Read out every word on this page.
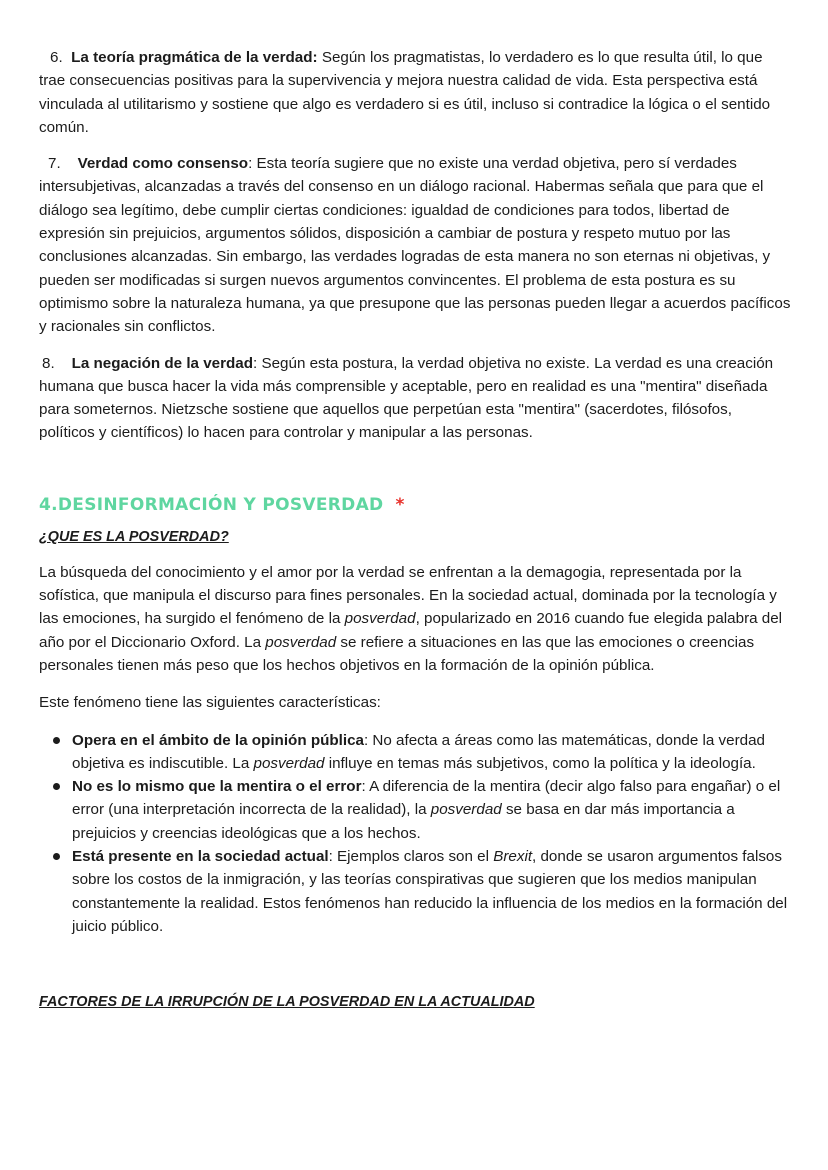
6. La teoría pragmática de la verdad: Según los pragmatistas, lo verdadero es lo que resulta útil, lo que trae consecuencias positivas para la supervivencia y mejora nuestra calidad de vida. Esta perspectiva está vinculada al utilitarismo y sostiene que algo es verdadero si es útil, incluso si contradice la lógica o el sentido común.
7. Verdad como consenso: Esta teoría sugiere que no existe una verdad objetiva, pero sí verdades intersubjetivas, alcanzadas a través del consenso en un diálogo racional. Habermas señala que para que el diálogo sea legítimo, debe cumplir ciertas condiciones: igualdad de condiciones para todos, libertad de expresión sin prejuicios, argumentos sólidos, disposición a cambiar de postura y respeto mutuo por las conclusiones alcanzadas. Sin embargo, las verdades logradas de esta manera no son eternas ni objetivas, y pueden ser modificadas si surgen nuevos argumentos convincentes. El problema de esta postura es su optimismo sobre la naturaleza humana, ya que presupone que las personas pueden llegar a acuerdos pacíficos y racionales sin conflictos.
8. La negación de la verdad: Según esta postura, la verdad objetiva no existe. La verdad es una creación humana que busca hacer la vida más comprensible y aceptable, pero en realidad es una "mentira" diseñada para someternos. Nietzsche sostiene que aquellos que perpetúan esta "mentira" (sacerdotes, filósofos, políticos y científicos) lo hacen para controlar y manipular a las personas.
4.DESINFORMACIÓN Y POSVERDAD *
¿QUE ES LA POSVERDAD?

La búsqueda del conocimiento y el amor por la verdad se enfrentan a la demagogia, representada por la sofística, que manipula el discurso para fines personales. En la sociedad actual, dominada por la tecnología y las emociones, ha surgido el fenómeno de la posverdad, popularizado en 2016 cuando fue elegida palabra del año por el Diccionario Oxford. La posverdad se refiere a situaciones en las que las emociones o creencias personales tienen más peso que los hechos objetivos en la formación de la opinión pública.

Este fenómeno tiene las siguientes características:

Opera en el ámbito de la opinión pública: No afecta a áreas como las matemáticas, donde la verdad objetiva es indiscutible. La posverdad influye en temas más subjetivos, como la política y la ideología.
No es lo mismo que la mentira o el error: A diferencia de la mentira (decir algo falso para engañar) o el error (una interpretación incorrecta de la realidad), la posverdad se basa en dar más importancia a prejuicios y creencias ideológicas que a los hechos.
Está presente en la sociedad actual: Ejemplos claros son el Brexit, donde se usaron argumentos falsos sobre los costos de la inmigración, y las teorías conspirativas que sugieren que los medios manipulan constantemente la realidad. Estos fenómenos han reducido la influencia de los medios en la formación del juicio público.
FACTORES DE LA IRRUPCIÓN DE LA POSVERDAD EN LA ACTUALIDAD
